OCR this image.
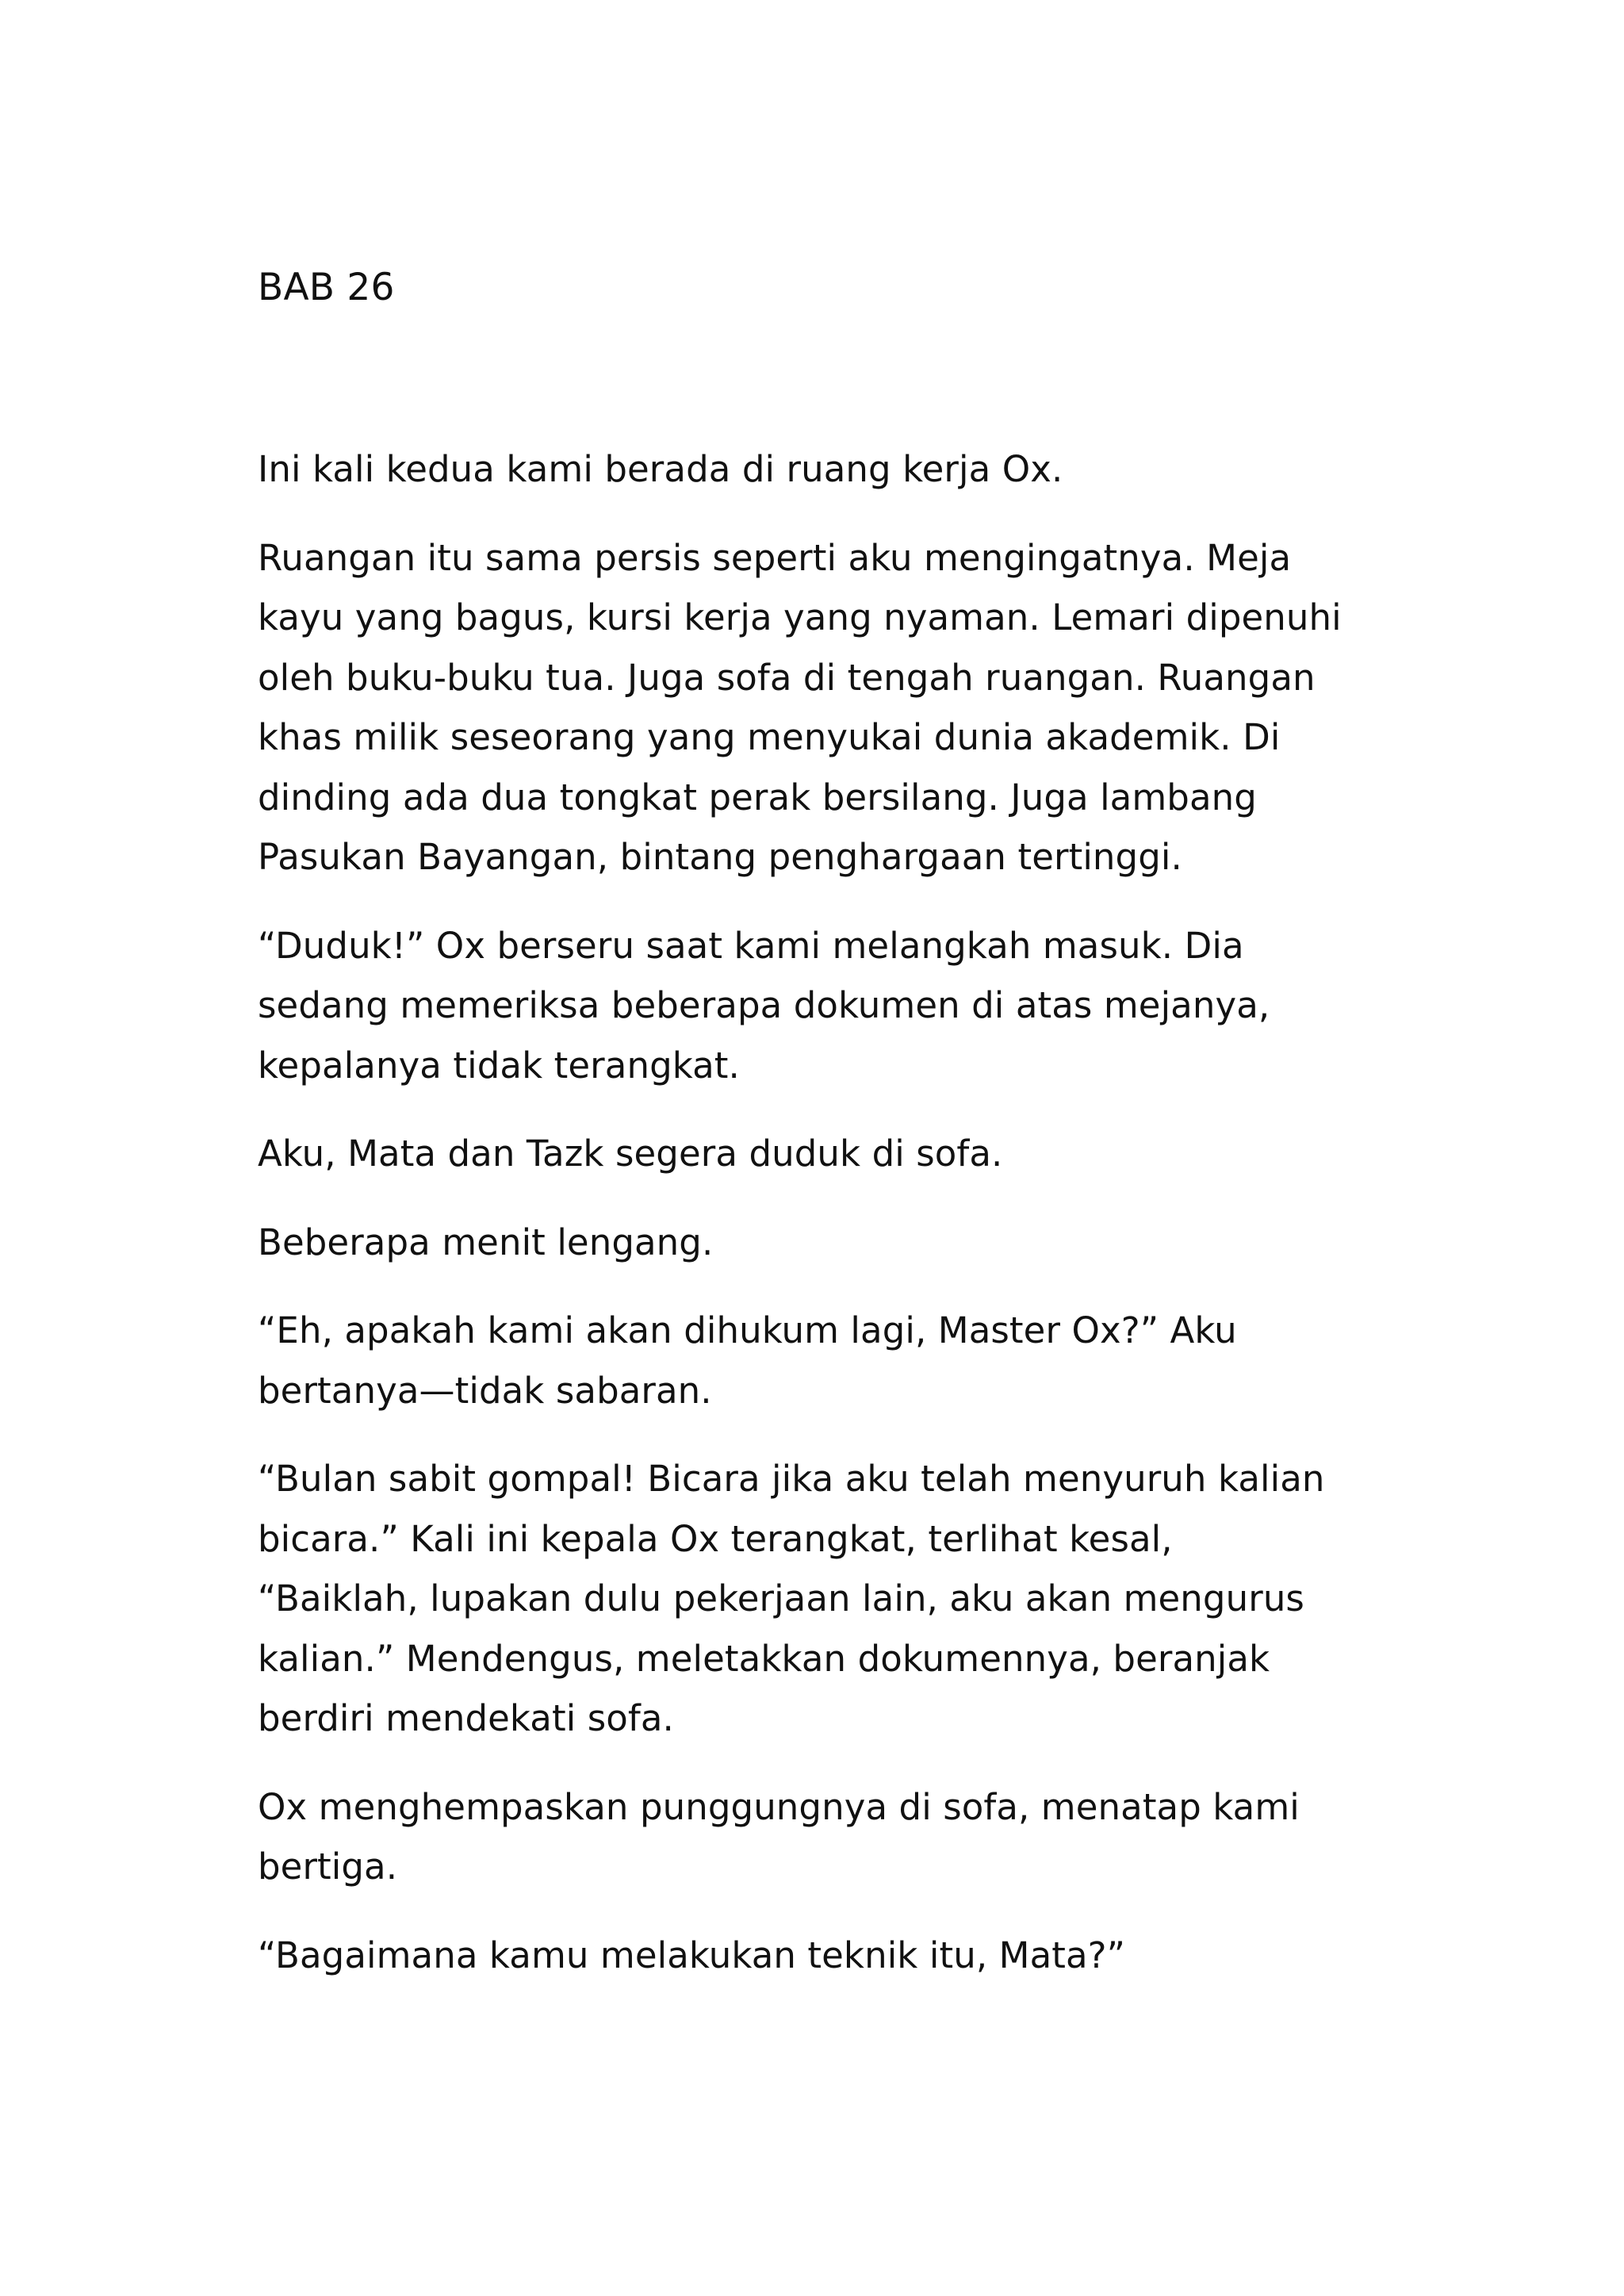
BAB 26

Ini kali kedua kami berada di ruang kerja Ox.

Ruangan itu sama persis seperti aku mengingatnya. Meja
kayu yang bagus, kursi kerja yang nyaman. Lemari dipenuhi
oleh buku-buku tua. Juga sofa di tengah ruangan. Ruangan
khas milik seseorang yang menyukai dunia akademik. Di
dinding ada dua tongkat perak bersilang. Juga lambang
Pasukan Bayangan, bintang penghargaan tertinggi.

“Duduk!” Ox berseru saat kami melangkah masuk. Dia
sedang memeriksa beberapa dokumen di atas mejanya,
kepalanya tidak terangkat.

Aku, Mata dan Tazk segera duduk di sofa.

Beberapa menit lengang.

“Eh, apakah kami akan dihukum lagi, Master Ox?” Aku
bertanya—tidak sabaran.

“Bulan sabit gompal! Bicara jika aku telah menyuruh kalian
bicara.” Kali ini kepala Ox terangkat, terlihat kesal,
“Baiklah, lupakan dulu pekerjaan lain, aku akan mengurus
kalian.” Mendengus, meletakkan dokumennya, beranjak
berdiri mendekati sofa.

Ox menghempaskan punggungnya di sofa, menatap kami
bertiga.

“Bagaimana kamu melakukan teknik itu, Mata?”
